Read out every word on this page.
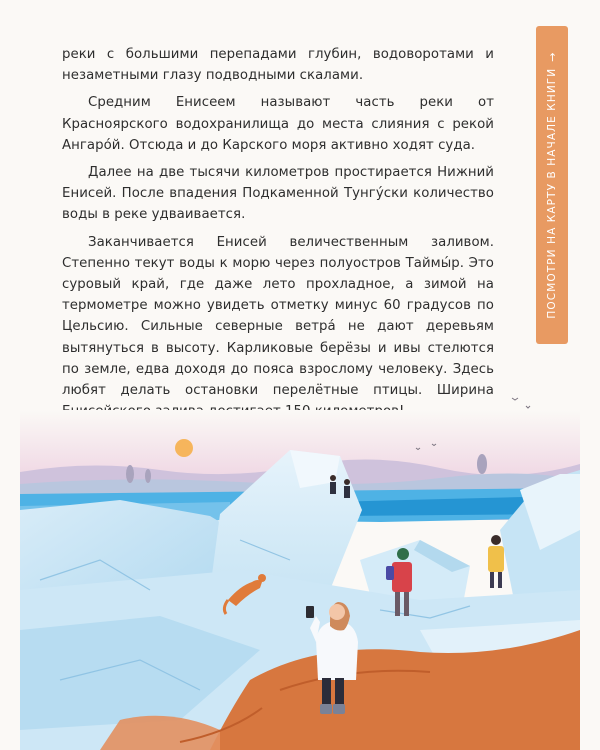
реки с большими перепадами глубин, водоворотами и незаметными глазу подводными скалами.

Средним Енисеем называют часть реки от Красноярского водохранилища до места слияния с рекой Ангаро́й. Отсюда и до Карского моря активно ходят суда.

Далее на две тысячи километров простирается Нижний Енисей. После впадения Подкаменной Тунгу́ски количество воды в реке удваивается.

Заканчивается Енисей величественным заливом. Степенно текут воды к морю через полуостров Таймы́р. Это суровый край, где даже лето прохладное, а зимой на термометре можно увидеть отметку минус 60 градусов по Цельсию. Сильные северные ветра́ не дают деревьям вытянуться в высоту. Карликовые берёзы и ивы стелются по земле, едва доходя до пояса взрослому человеку. Здесь любят делать остановки перелётные птицы. Ширина

ПОСМОТРИ НА КАРТУ В НАЧАЛЕ КНИГИ
→
